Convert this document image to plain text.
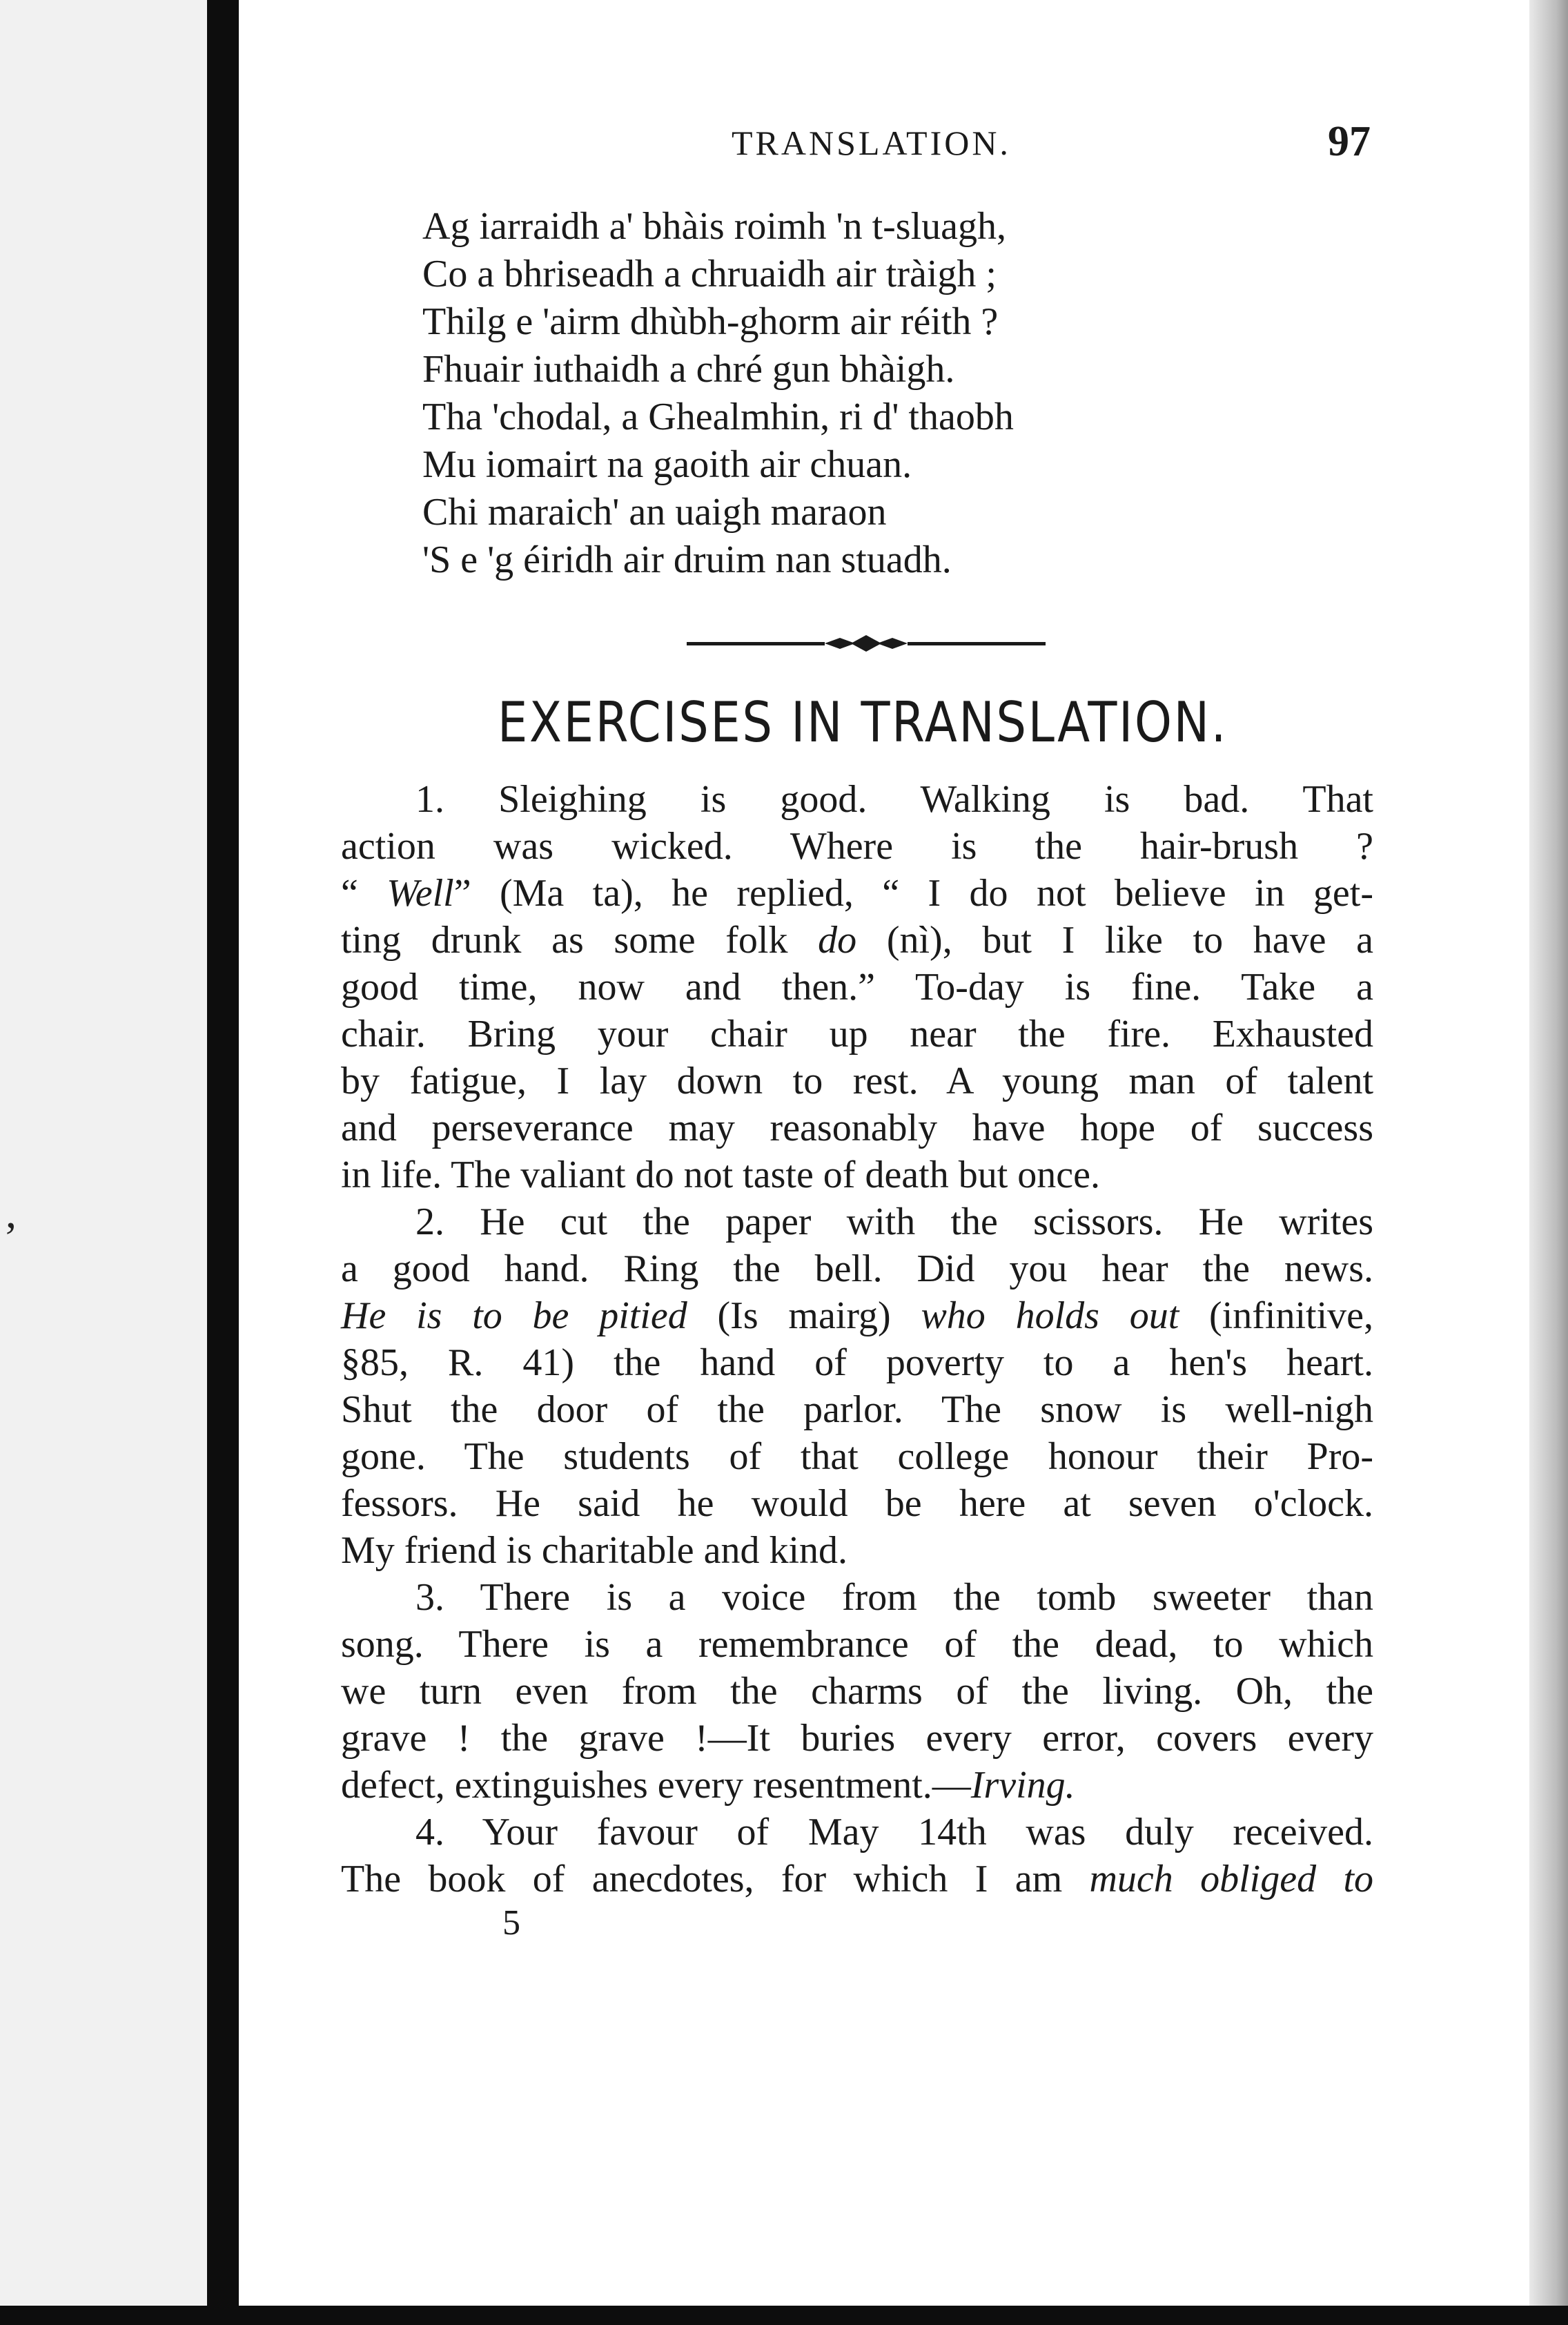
,
TRANSLATION.	97
Ag iarraidh a' bhàis roimh 'n t-sluagh,
Co a bhriseadh a chruaidh air tràigh ;
Thilg e 'airm dhùbh-ghorm air réith ?
Fhuair iuthaidh a chré gun bhàigh.
Tha 'chodal, a Ghealmhin, ri d' thaobh
Mu iomairt na gaoith air chuan.
Chi maraich' an uaigh maraon
'S e 'g éiridh air druim nan stuadh.
EXERCISES IN TRANSLATION.
1. Sleighing is good. Walking is bad. That
action was wicked. Where is the hair-brush ?
“ Well” (Ma ta), he replied, “ I do not believe in get-
ting drunk as some folk do (nì), but I like to have a
good time, now and then.” To-day is fine. Take a
chair. Bring your chair up near the fire. Exhausted
by fatigue, I lay down to rest. A young man of talent
and perseverance may reasonably have hope of success
in life. The valiant do not taste of death but once.
2. He cut the paper with the scissors. He writes
a good hand. Ring the bell. Did you hear the news.
He is to be pitied (Is mairg) who holds out (infinitive,
§85, R. 41) the hand of poverty to a hen's heart.
Shut the door of the parlor. The snow is well-nigh
gone. The students of that college honour their Pro-
fessors. He said he would be here at seven o'clock.
My friend is charitable and kind.
3. There is a voice from the tomb sweeter than
song. There is a remembrance of the dead, to which
we turn even from the charms of the living. Oh, the
grave ! the grave !—It buries every error, covers every
defect, extinguishes every resentment.—Irving.
4. Your favour of May 14th was duly received.
The book of anecdotes, for which I am much obliged to
5
